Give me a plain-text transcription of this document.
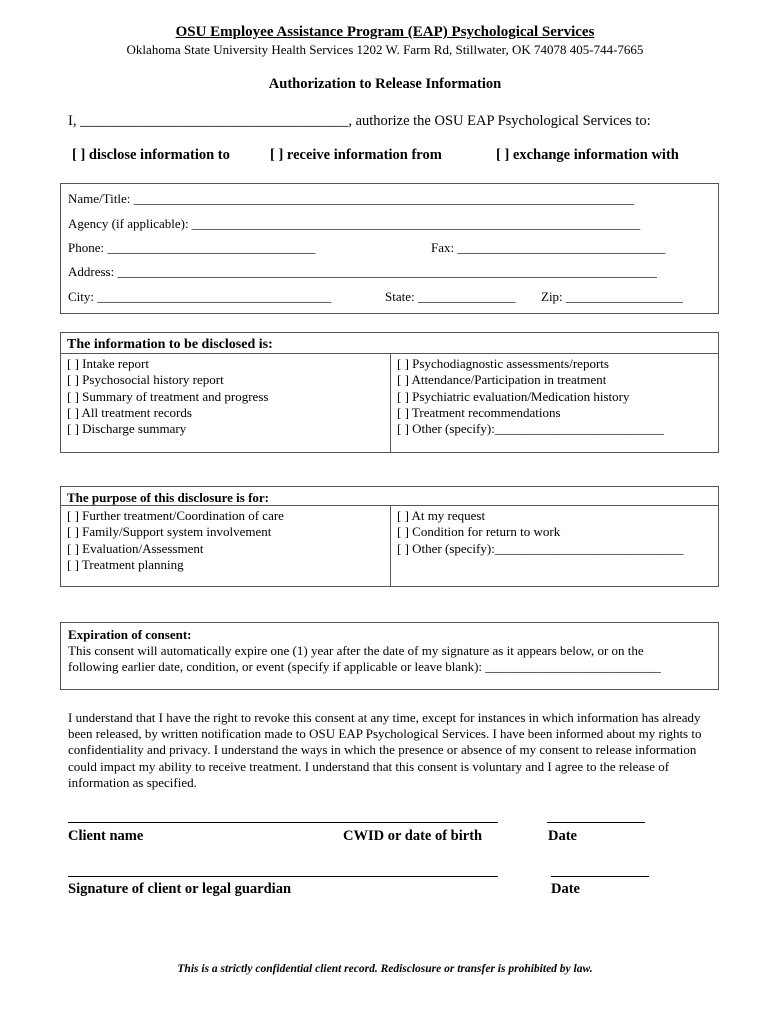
OSU Employee Assistance Program (EAP) Psychological Services
Oklahoma State University Health Services 1202 W. Farm Rd, Stillwater, OK 74078 405-744-7665
Authorization to Release Information
I, _____________________________________, authorize the OSU EAP Psychological Services to:
[ ] disclose information to	[ ] receive information from	[ ] exchange information with
Name/Title: _____________________________________________________________________________
Agency (if applicable): _____________________________________________________________________
Phone: ________________________________	Fax: ________________________________
Address: ___________________________________________________________________________________
City: ____________________________________	State: _______________	Zip: __________________
The information to be disclosed is:
[ ] Intake report
[ ] Psychosocial history report
[ ] Summary of treatment and progress
[ ] All treatment records
[ ] Discharge summary
[ ] Psychodiagnostic assessments/reports
[ ] Attendance/Participation in treatment
[ ] Psychiatric evaluation/Medication history
[ ] Treatment recommendations
[ ] Other (specify):__________________________
The purpose of this disclosure is for:
[ ] Further treatment/Coordination of care
[ ] Family/Support system involvement
[ ] Evaluation/Assessment
[ ] Treatment planning
[ ] At my request
[ ] Condition for return to work
[ ] Other (specify):_____________________________
Expiration of consent:
This consent will automatically expire one (1) year after the date of my signature as it appears below, or on the
following earlier date, condition, or event (specify if applicable or leave blank): ___________________________
I understand that I have the right to revoke this consent at any time, except for instances in which information has already been released, by written notification made to OSU EAP Psychological Services. I have been informed about my rights to confidentiality and privacy. I understand the ways in which the presence or absence of my consent to release information could impact my ability to receive treatment. I understand that this consent is voluntary and I agree to the release of information as specified.
Client name	CWID or date of birth	Date
Signature of client or legal guardian	Date
This is a strictly confidential client record. Redisclosure or transfer is prohibited by law.
